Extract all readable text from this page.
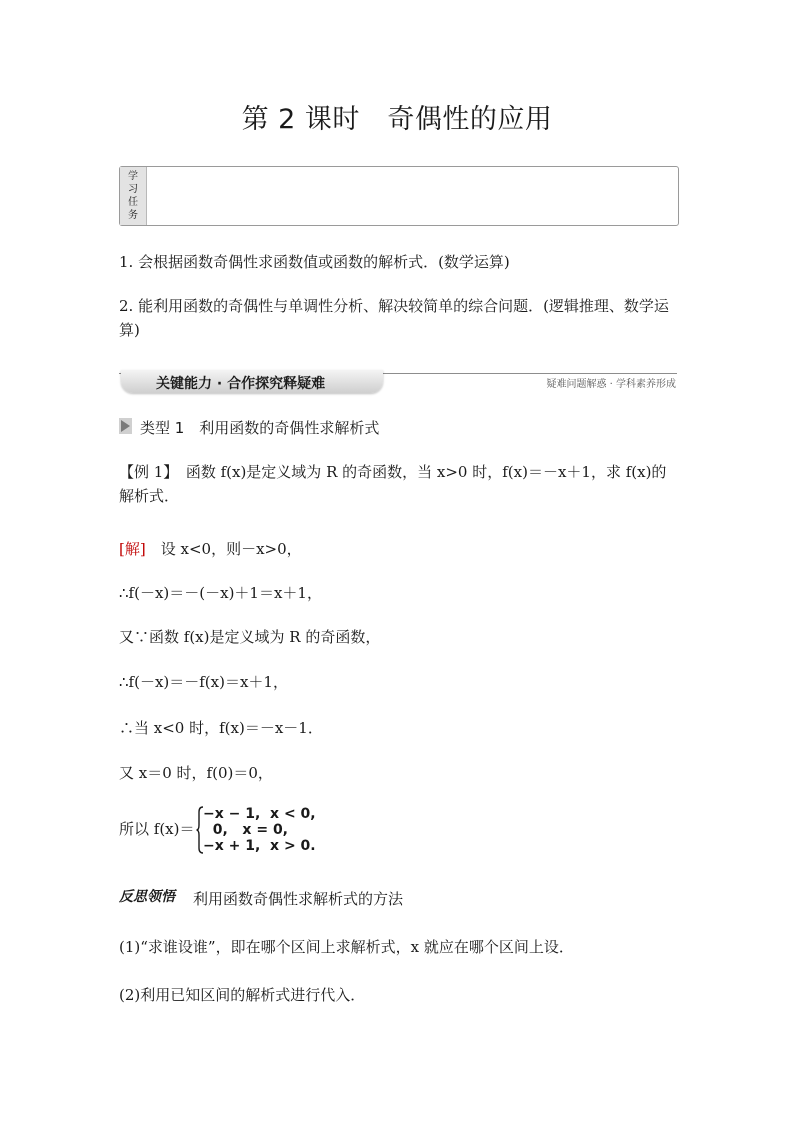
第 2 课时　奇偶性的应用
学习任务
1. 会根据函数奇偶性求函数值或函数的解析式．(数学运算)
2. 能利用函数的奇偶性与单调性分析、解决较简单的综合问题．(逻辑推理、数学运算)
关键能力 · 合作探究释疑难	疑难问题解惑 · 学科素养形成
类型 1　利用函数的奇偶性求解析式
【例 1】　函数 f(x)是定义域为 R 的奇函数，当 x>0 时，f(x)＝－x＋1，求 f(x)的解析式．
[解]　 设 x<0，则－x>0，
∴f(－x)＝－(－x)＋1＝x＋1，
又∵函数 f(x)是定义域为 R 的奇函数，
∴f(－x)＝－f(x)＝x＋1，
∴当 x<0 时，f(x)＝－x－1．
又 x＝0 时，f(0)＝0，
所以 f(x)＝
−x − 1,  x < 0,
0,   x = 0,
−x + 1,  x > 0.
反思领悟 利用函数奇偶性求解析式的方法
(1)“求谁设谁”，即在哪个区间上求解析式，x 就应在哪个区间上设．
(2)利用已知区间的解析式进行代入．
